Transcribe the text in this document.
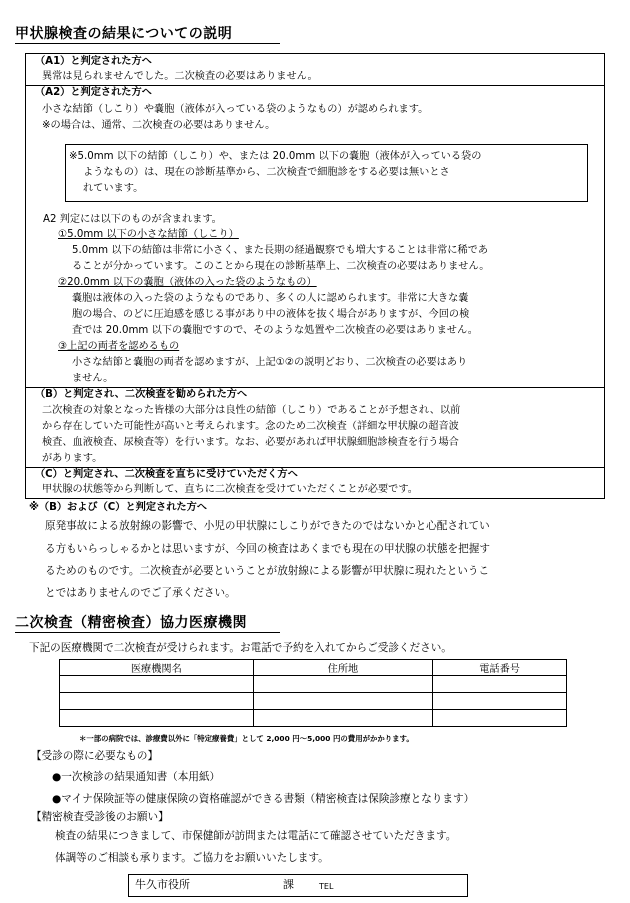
甲状腺検査の結果についての説明
（A1）と判定された方へ
異常は見られませんでした。二次検査の必要はありません。
（A2）と判定された方へ
小さな結節（しこり）や嚢胞（液体が入っている袋のようなもの）が認められます。
※の場合は、通常、二次検査の必要はありません。
※5.0mm 以下の結節（しこり）や、または 20.0mm 以下の嚢胞（液体が入っている袋の
ようなもの）は、現在の診断基準から、二次検査で細胞診をする必要は無いとさ
れています。
A2 判定には以下のものが含まれます。
①5.0mm 以下の小さな結節（しこり）
5.0mm 以下の結節は非常に小さく、また長期の経過観察でも増大することは非常に稀であ
ることが分かっています。このことから現在の診断基準上、二次検査の必要はありません。
②20.0mm 以下の嚢胞（液体の入った袋のようなもの）
嚢胞は液体の入った袋のようなものであり、多くの人に認められます。非常に大きな嚢
胞の場合、のどに圧迫感を感じる事があり中の液体を抜く場合がありますが、今回の検
査では 20.0mm 以下の嚢胞ですので、そのような処置や二次検査の必要はありません。
③上記の両者を認めるもの
小さな結節と嚢胞の両者を認めますが、上記①②の説明どおり、二次検査の必要はあり
ません。
（B）と判定され、二次検査を勧められた方へ
二次検査の対象となった皆様の大部分は良性の結節（しこり）であることが予想され、以前
から存在していた可能性が高いと考えられます。念のため二次検査（詳細な甲状腺の超音波
検査、血液検査、尿検査等）を行います。なお、必要があれば甲状腺細胞診検査を行う場合
があります。
（C）と判定され、二次検査を直ちに受けていただく方へ
甲状腺の状態等から判断して、直ちに二次検査を受けていただくことが必要です。
※（B）および（C）と判定された方へ
原発事故による放射線の影響で、小児の甲状腺にしこりができたのではないかと心配されてい
る方もいらっしゃるかとは思いますが、今回の検査はあくまでも現在の甲状腺の状態を把握す
るためのものです。二次検査が必要ということが放射線による影響が甲状腺に現れたというこ
とではありませんのでご了承ください。
二次検査（精密検査）協力医療機関
下記の医療機関で二次検査が受けられます。お電話で予約を入れてからご受診ください。
医療機関名	住所地	電話番号

＊一部の病院では、診療費以外に「特定療養費」として 2,000 円～5,000 円の費用がかかります。
【受診の際に必要なもの】
●一次検診の結果通知書（本用紙）
●マイナ保険証等の健康保険の資格確認ができる書類（精密検査は保険診療となります）
【精密検査受診後のお願い】
検査の結果につきまして、市保健師が訪問または電話にて確認させていただきます。
体調等のご相談も承ります。ご協力をお願いいたします。
牛久市役所	課	TEL
